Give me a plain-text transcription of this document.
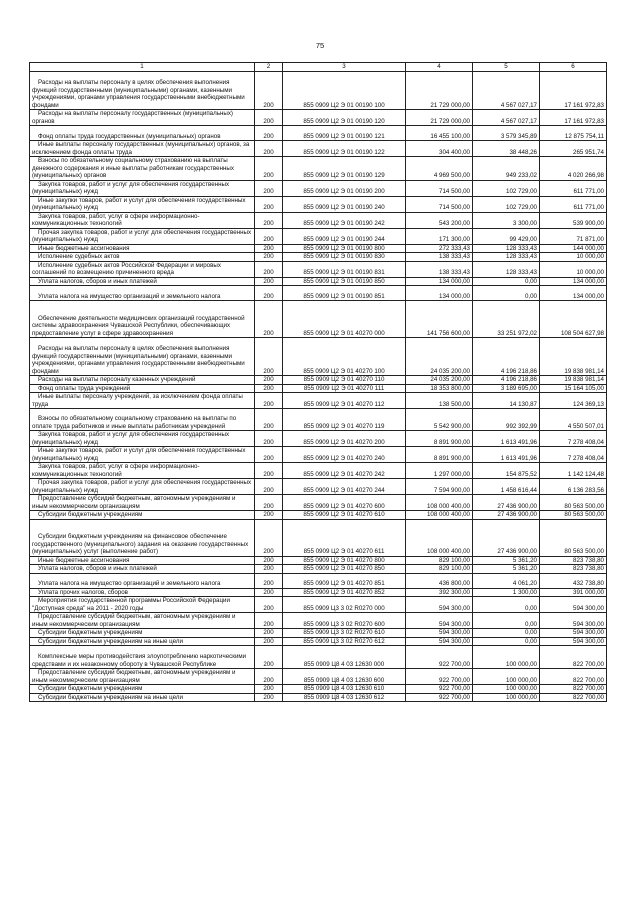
75
1	2	3	4	5	6
Расходы на выплаты персоналу в целях обеспечения выполнения функций государственными (муниципальными) органами, казенными учреждениями, органами управления государственными внебюджетными фондами	200	855 0909 Ц2 Э 01 00190 100	21 729 000,00	4 567 027,17	17 161 972,83
Расходы на выплаты персоналу государственных (муниципальных) органов	200	855 0909 Ц2 Э 01 00190 120	21 729 000,00	4 567 027,17	17 161 972,83
Фонд оплаты труда государственных (муниципальных) органов	200	855 0909 Ц2 Э 01 00190 121	16 455 100,00	3 579 345,89	12 875 754,11
Иные выплаты персоналу государственных (муниципальных) органов, за исключением фонда оплаты труда	200	855 0909 Ц2 Э 01 00190 122	304 400,00	38 448,26	265 951,74
Взносы по обязательному социальному страхованию на выплаты денежного содержания и иные выплаты работникам государственных (муниципальных) органов	200	855 0909 Ц2 Э 01 00190 129	4 969 500,00	949 233,02	4 020 266,98
Закупка товаров, работ и услуг для обеспечения государственных (муниципальных) нужд	200	855 0909 Ц2 Э 01 00190 200	714 500,00	102 729,00	611 771,00
Иные закупки товаров, работ и услуг для обеспечения государственных (муниципальных) нужд	200	855 0909 Ц2 Э 01 00190 240	714 500,00	102 729,00	611 771,00
Закупка товаров, работ, услуг в сфере информационно-коммуникационных технологий	200	855 0909 Ц2 Э 01 00190 242	543 200,00	3 300,00	539 900,00
Прочая закупка товаров, работ и услуг для обеспечения государственных (муниципальных) нужд	200	855 0909 Ц2 Э 01 00190 244	171 300,00	99 429,00	71 871,00
Иные бюджетные ассигнования	200	855 0909 Ц2 Э 01 00190 800	272 333,43	128 333,43	144 000,00
Исполнение судебных актов	200	855 0909 Ц2 Э 01 00190 830	138 333,43	128 333,43	10 000,00
Исполнение судебных актов Российской Федерации и мировых соглашений по возмещению причиненного вреда	200	855 0909 Ц2 Э 01 00190 831	138 333,43	128 333,43	10 000,00
Уплата налогов, сборов и иных платежей	200	855 0909 Ц2 Э 01 00190 850	134 000,00	0,00	134 000,00
Уплата налога на имущество организаций и земельного налога	200	855 0909 Ц2 Э 01 00190 851	134 000,00	0,00	134 000,00
Обеспечение деятельности медицинских организаций государственной системы здравоохранения Чувашской Республики, обеспечивающих предоставление услуг в сфере здравоохранения	200	855 0909 Ц2 Э 01 40270 000	141 756 600,00	33 251 972,02	108 504 627,98
Расходы на выплаты персоналу в целях обеспечения выполнения функций государственными (муниципальными) органами, казенными учреждениями, органами управления государственными внебюджетными фондами	200	855 0909 Ц2 Э 01 40270 100	24 035 200,00	4 196 218,86	19 838 981,14
Расходы на выплаты персоналу казенных учреждений	200	855 0909 Ц2 Э 01 40270 110	24 035 200,00	4 196 218,86	19 838 981,14
Фонд оплаты труда учреждений	200	855 0909 Ц2 Э 01 40270 111	18 353 800,00	3 189 695,00	15 164 105,00
Иные выплаты персоналу учреждений, за исключением фонда оплаты труда	200	855 0909 Ц2 Э 01 40270 112	138 500,00	14 130,87	124 369,13
Взносы по обязательному социальному страхованию на выплаты по оплате труда работников и иные выплаты работникам учреждений	200	855 0909 Ц2 Э 01 40270 119	5 542 900,00	992 392,99	4 550 507,01
Закупка товаров, работ и услуг для обеспечения государственных (муниципальных) нужд	200	855 0909 Ц2 Э 01 40270 200	8 891 900,00	1 613 491,96	7 278 408,04
Иные закупки товаров, работ и услуг для обеспечения государственных (муниципальных) нужд	200	855 0909 Ц2 Э 01 40270 240	8 891 900,00	1 613 491,96	7 278 408,04
Закупка товаров, работ, услуг в сфере информационно-коммуникационных технологий	200	855 0909 Ц2 Э 01 40270 242	1 297 000,00	154 875,52	1 142 124,48
Прочая закупка товаров, работ и услуг для обеспечения государственных (муниципальных) нужд	200	855 0909 Ц2 Э 01 40270 244	7 594 900,00	1 458 616,44	6 136 283,56
Предоставление субсидий бюджетным, автономным учреждениям и иным некоммерческим организациям	200	855 0909 Ц2 Э 01 40270 600	108 000 400,00	27 436 900,00	80 563 500,00
Субсидии бюджетным учреждениям	200	855 0909 Ц2 Э 01 40270 610	108 000 400,00	27 436 900,00	80 563 500,00
Субсидии бюджетным учреждениям на финансовое обеспечение государственного (муниципального) задания на оказание государственных (муниципальных) услуг (выполнение работ)	200	855 0909 Ц2 Э 01 40270 611	108 000 400,00	27 436 900,00	80 563 500,00
Иные бюджетные ассигнования	200	855 0909 Ц2 Э 01 40270 800	829 100,00	5 361,20	823 738,80
Уплата налогов, сборов и иных платежей	200	855 0909 Ц2 Э 01 40270 850	829 100,00	5 361,20	823 738,80
Уплата налога на имущество организаций и земельного налога	200	855 0909 Ц2 Э 01 40270 851	436 800,00	4 061,20	432 738,80
Уплата прочих налогов, сборов	200	855 0909 Ц2 Э 01 40270 852	392 300,00	1 300,00	391 000,00
Мероприятия государственной программы Российской Федерации "Доступная среда" на 2011 - 2020 годы	200	855 0909 Ц3 3 02 R0270 000	594 300,00	0,00	594 300,00
Предоставление субсидий бюджетным, автономным учреждениям и иным некоммерческим организациям	200	855 0909 Ц3 3 02 R0270 600	594 300,00	0,00	594 300,00
Субсидии бюджетным учреждениям	200	855 0909 Ц3 3 02 R0270 610	594 300,00	0,00	594 300,00
Субсидии бюджетным учреждениям на иные цели	200	855 0909 Ц3 3 02 R0270 612	594 300,00	0,00	594 300,00
Комплексные меры противодействия злоупотреблению наркотическими средствами и их незаконному обороту в Чувашской Республике	200	855 0909 Ц8 4 03 12630 000	922 700,00	100 000,00	822 700,00
Предоставление субсидий бюджетным, автономным учреждениям и иным некоммерческим организациям	200	855 0909 Ц8 4 03 12630 600	922 700,00	100 000,00	822 700,00
Субсидии бюджетным учреждениям	200	855 0909 Ц8 4 03 12630 610	922 700,00	100 000,00	822 700,00
Субсидии бюджетным учреждениям на иные цели	200	855 0909 Ц8 4 03 12630 612	922 700,00	100 000,00	822 700,00
